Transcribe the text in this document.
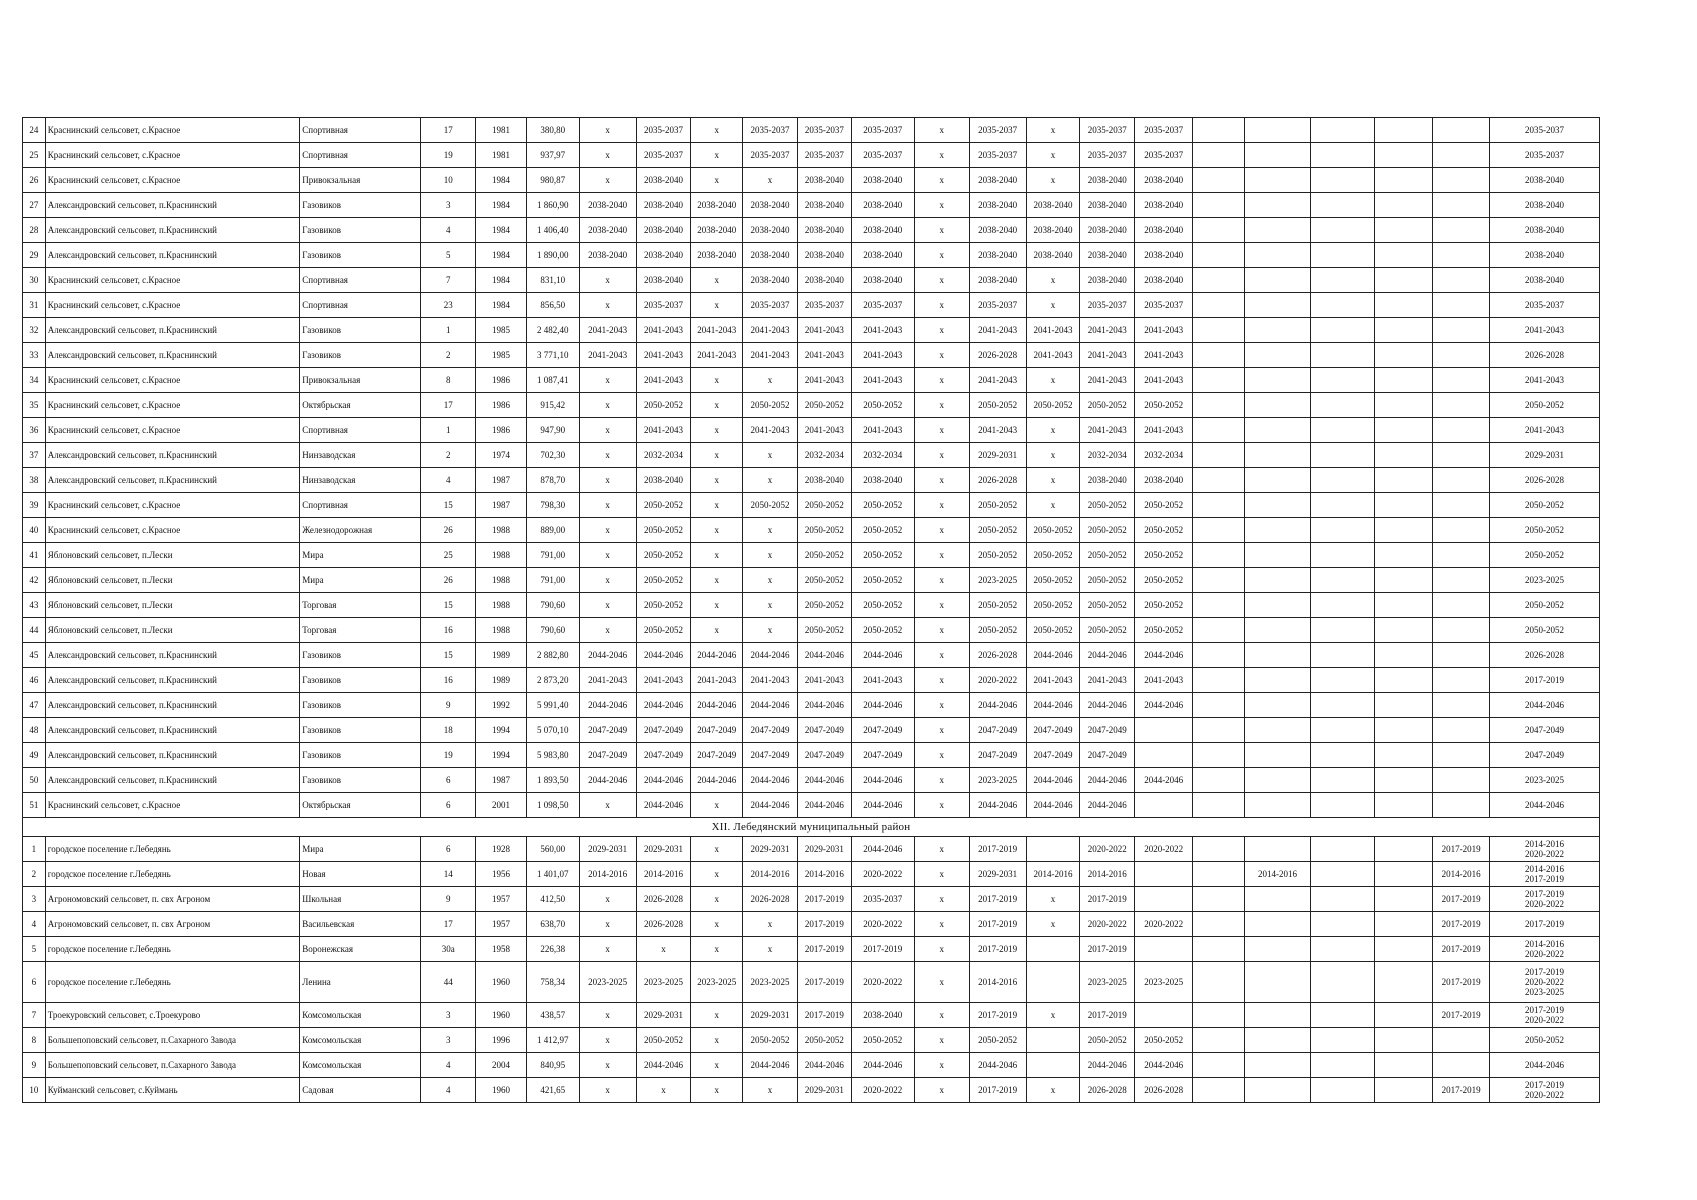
24	Краснинский сельсовет, с.Красное	Спортивная	17	1981	380,80	x	2035-2037	x	2035-2037	2035-2037	2035-2037	x	2035-2037	x	2035-2037	2035-2037						2035-2037
25	Краснинский сельсовет, с.Красное	Спортивная	19	1981	937,97	x	2035-2037	x	2035-2037	2035-2037	2035-2037	x	2035-2037	x	2035-2037	2035-2037						2035-2037
26	Краснинский сельсовет, с.Красное	Привокзальная	10	1984	980,87	x	2038-2040	x	x	2038-2040	2038-2040	x	2038-2040	x	2038-2040	2038-2040						2038-2040
27	Александровский сельсовет, п.Краснинский	Газовиков	3	1984	1 860,90	2038-2040	2038-2040	2038-2040	2038-2040	2038-2040	2038-2040	x	2038-2040	2038-2040	2038-2040	2038-2040						2038-2040
28	Александровский сельсовет, п.Краснинский	Газовиков	4	1984	1 406,40	2038-2040	2038-2040	2038-2040	2038-2040	2038-2040	2038-2040	x	2038-2040	2038-2040	2038-2040	2038-2040						2038-2040
29	Александровский сельсовет, п.Краснинский	Газовиков	5	1984	1 890,00	2038-2040	2038-2040	2038-2040	2038-2040	2038-2040	2038-2040	x	2038-2040	2038-2040	2038-2040	2038-2040						2038-2040
30	Краснинский сельсовет, с.Красное	Спортивная	7	1984	831,10	x	2038-2040	x	2038-2040	2038-2040	2038-2040	x	2038-2040	x	2038-2040	2038-2040						2038-2040
31	Краснинский сельсовет, с.Красное	Спортивная	23	1984	856,50	x	2035-2037	x	2035-2037	2035-2037	2035-2037	x	2035-2037	x	2035-2037	2035-2037						2035-2037
32	Александровский сельсовет, п.Краснинский	Газовиков	1	1985	2 482,40	2041-2043	2041-2043	2041-2043	2041-2043	2041-2043	2041-2043	x	2041-2043	2041-2043	2041-2043	2041-2043						2041-2043
33	Александровский сельсовет, п.Краснинский	Газовиков	2	1985	3 771,10	2041-2043	2041-2043	2041-2043	2041-2043	2041-2043	2041-2043	x	2026-2028	2041-2043	2041-2043	2041-2043						2026-2028
34	Краснинский сельсовет, с.Красное	Привокзальная	8	1986	1 087,41	x	2041-2043	x	x	2041-2043	2041-2043	x	2041-2043	x	2041-2043	2041-2043						2041-2043
35	Краснинский сельсовет, с.Красное	Октябрьская	17	1986	915,42	x	2050-2052	x	2050-2052	2050-2052	2050-2052	x	2050-2052	2050-2052	2050-2052	2050-2052						2050-2052
36	Краснинский сельсовет, с.Красное	Спортивная	1	1986	947,90	x	2041-2043	x	2041-2043	2041-2043	2041-2043	x	2041-2043	x	2041-2043	2041-2043						2041-2043
37	Александровский сельсовет, п.Краснинский	Нинзаводская	2	1974	702,30	x	2032-2034	x	x	2032-2034	2032-2034	x	2029-2031	x	2032-2034	2032-2034						2029-2031
38	Александровский сельсовет, п.Краснинский	Нинзаводская	4	1987	878,70	x	2038-2040	x	x	2038-2040	2038-2040	x	2026-2028	x	2038-2040	2038-2040						2026-2028
39	Краснинский сельсовет, с.Красное	Спортивная	15	1987	798,30	x	2050-2052	x	2050-2052	2050-2052	2050-2052	x	2050-2052	x	2050-2052	2050-2052						2050-2052
40	Краснинский сельсовет, с.Красное	Железнодорожная	26	1988	889,00	x	2050-2052	x	x	2050-2052	2050-2052	x	2050-2052	2050-2052	2050-2052	2050-2052						2050-2052
41	Яблоновский сельсовет, п.Лески	Мира	25	1988	791,00	x	2050-2052	x	x	2050-2052	2050-2052	x	2050-2052	2050-2052	2050-2052	2050-2052						2050-2052
42	Яблоновский сельсовет, п.Лески	Мира	26	1988	791,00	x	2050-2052	x	x	2050-2052	2050-2052	x	2023-2025	2050-2052	2050-2052	2050-2052						2023-2025
43	Яблоновский сельсовет, п.Лески	Торговая	15	1988	790,60	x	2050-2052	x	x	2050-2052	2050-2052	x	2050-2052	2050-2052	2050-2052	2050-2052						2050-2052
44	Яблоновский сельсовет, п.Лески	Торговая	16	1988	790,60	x	2050-2052	x	x	2050-2052	2050-2052	x	2050-2052	2050-2052	2050-2052	2050-2052						2050-2052
45	Александровский сельсовет, п.Краснинский	Газовиков	15	1989	2 882,80	2044-2046	2044-2046	2044-2046	2044-2046	2044-2046	2044-2046	x	2026-2028	2044-2046	2044-2046	2044-2046						2026-2028
46	Александровский сельсовет, п.Краснинский	Газовиков	16	1989	2 873,20	2041-2043	2041-2043	2041-2043	2041-2043	2041-2043	2041-2043	x	2020-2022	2041-2043	2041-2043	2041-2043						2017-2019
47	Александровский сельсовет, п.Краснинский	Газовиков	9	1992	5 991,40	2044-2046	2044-2046	2044-2046	2044-2046	2044-2046	2044-2046	x	2044-2046	2044-2046	2044-2046	2044-2046						2044-2046
48	Александровский сельсовет, п.Краснинский	Газовиков	18	1994	5 070,10	2047-2049	2047-2049	2047-2049	2047-2049	2047-2049	2047-2049	x	2047-2049	2047-2049	2047-2049							2047-2049
49	Александровский сельсовет, п.Краснинский	Газовиков	19	1994	5 983,80	2047-2049	2047-2049	2047-2049	2047-2049	2047-2049	2047-2049	x	2047-2049	2047-2049	2047-2049							2047-2049
50	Александровский сельсовет, п.Краснинский	Газовиков	6	1987	1 893,50	2044-2046	2044-2046	2044-2046	2044-2046	2044-2046	2044-2046	x	2023-2025	2044-2046	2044-2046	2044-2046						2023-2025
51	Краснинский сельсовет, с.Красное	Октябрьская	6	2001	1 098,50	x	2044-2046	x	2044-2046	2044-2046	2044-2046	x	2044-2046	2044-2046	2044-2046							2044-2046
XII. Лебедянский муниципальный район																						
1	городское поселение г.Лебедянь	Мира	6	1928	560,00	2029-2031	2029-2031	x	2029-2031	2029-2031	2044-2046	x	2017-2019		2020-2022	2020-2022					2017-2019	2014-2016
2020-2022

2	городское поселение г.Лебедянь	Новая	14	1956	1 401,07	2014-2016	2014-2016	x	2014-2016	2014-2016	2020-2022	x	2029-2031	2014-2016	2014-2016			2014-2016			2014-2016	2014-2016
2017-2019

3	Агрономовский сельсовет, п. свх Агроном	Школьная	9	1957	412,50	x	2026-2028	x	2026-2028	2017-2019	2035-2037	x	2017-2019	x	2017-2019						2017-2019	2017-2019
2020-2022

4	Агрономовский сельсовет, п. свх Агроном	Васильевская	17	1957	638,70	x	2026-2028	x	x	2017-2019	2020-2022	x	2017-2019	x	2020-2022	2020-2022					2017-2019	2017-2019

5	городское поселение г.Лебедянь	Воронежская	30а	1958	226,38	x	x	x	x	2017-2019	2017-2019	x	2017-2019		2017-2019						2017-2019	2014-2016
2020-2022

6	городское поселение г.Лебедянь	Ленина	44	1960	758,34	2023-2025	2023-2025	2023-2025	2023-2025	2017-2019	2020-2022	x	2014-2016		2023-2025	2023-2025					2017-2019	2017-2019
2020-2022
2023-2025

7	Троекуровский сельсовет, с.Троекурово	Комсомольская	3	1960	438,57	x	2029-2031	x	2029-2031	2017-2019	2038-2040	x	2017-2019	x	2017-2019						2017-2019	2017-2019
2020-2022

8	Большепоповский сельсовет, п.Сахарного Завода	Комсомольская	3	1996	1 412,97	x	2050-2052	x	2050-2052	2050-2052	2050-2052	x	2050-2052		2050-2052	2050-2052						2050-2052

9	Большепоповский сельсовет, п.Сахарного Завода	Комсомольская	4	2004	840,95	x	2044-2046	x	2044-2046	2044-2046	2044-2046	x	2044-2046		2044-2046	2044-2046						2044-2046

10	Куйманский сельсовет, с.Куймань	Садовая	4	1960	421,65	x	x	x	x	2029-2031	2020-2022	x	2017-2019	x	2026-2028	2026-2028					2017-2019	2017-2019
2020-2022
